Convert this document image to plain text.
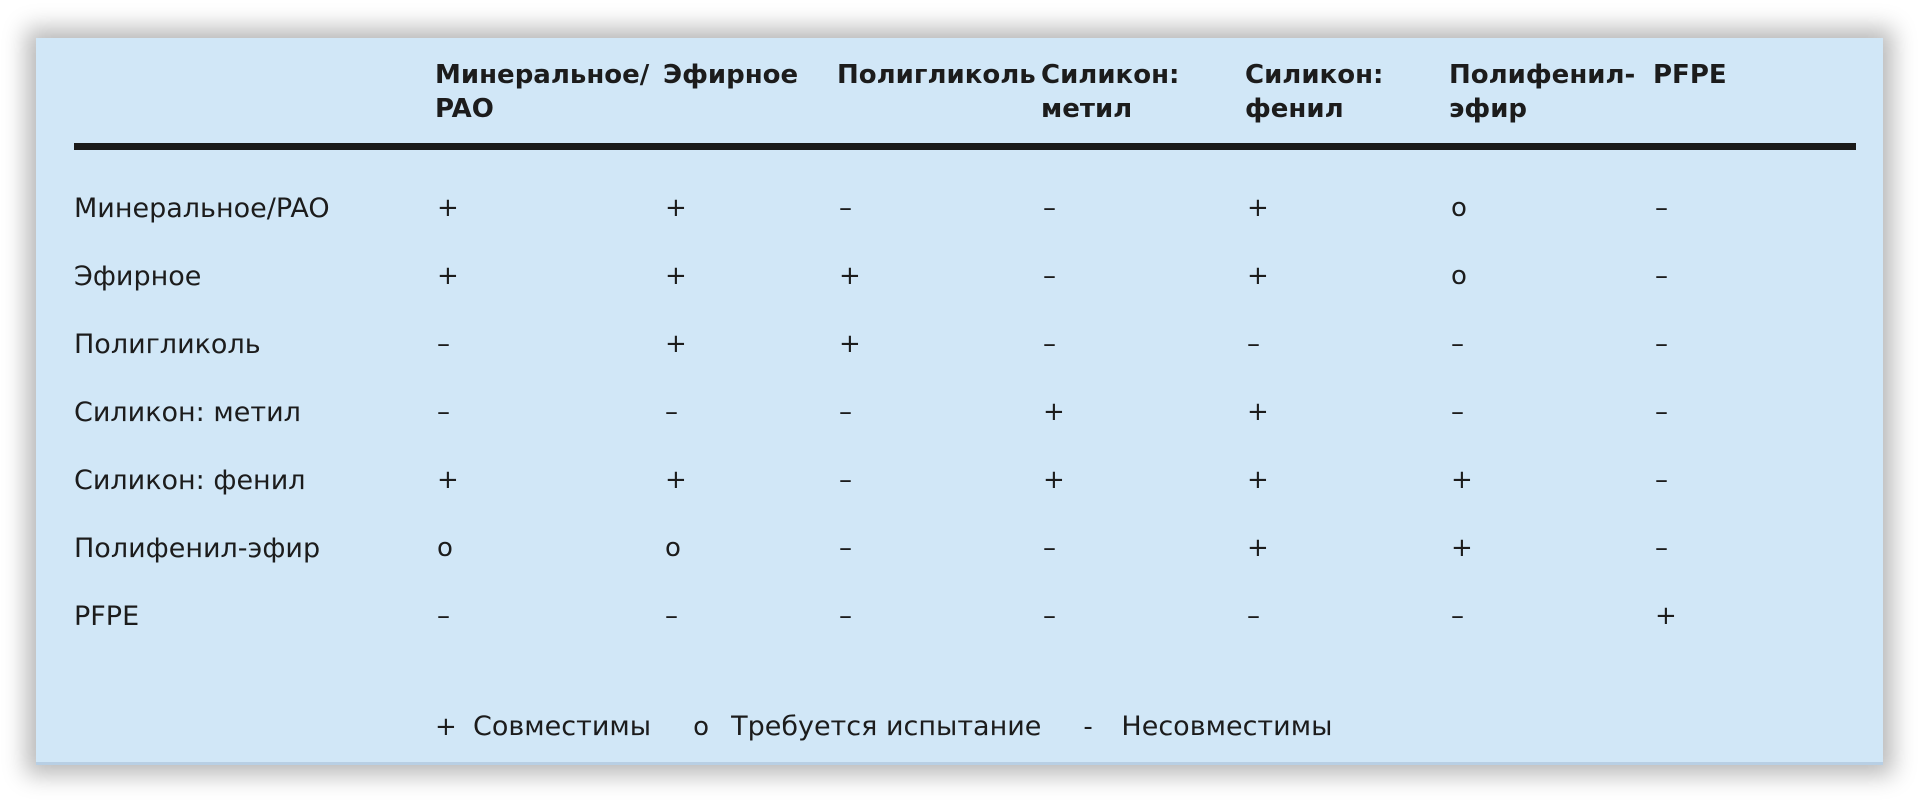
	Минеральное/ PAO	Эфирное	Полигликоль	Силикон: метил	Силикон: фенил	Полифенил- эфир	PFPE

Минеральное/PAO	+	+	–	–	+	o	–
Эфирное	+	+	+	–	+	o	–
Полигликоль	–	+	+	–	–	–	–
Силикон: метил	–	–	–	+	+	–	–
Силикон: фенил	+	+	–	+	+	+	–
Полифенил-эфир	o	o	–	–	+	+	–
PFPE	–	–	–	–	–	–	+
+ Совместимы o Требуется испытание -	Несовместимы
